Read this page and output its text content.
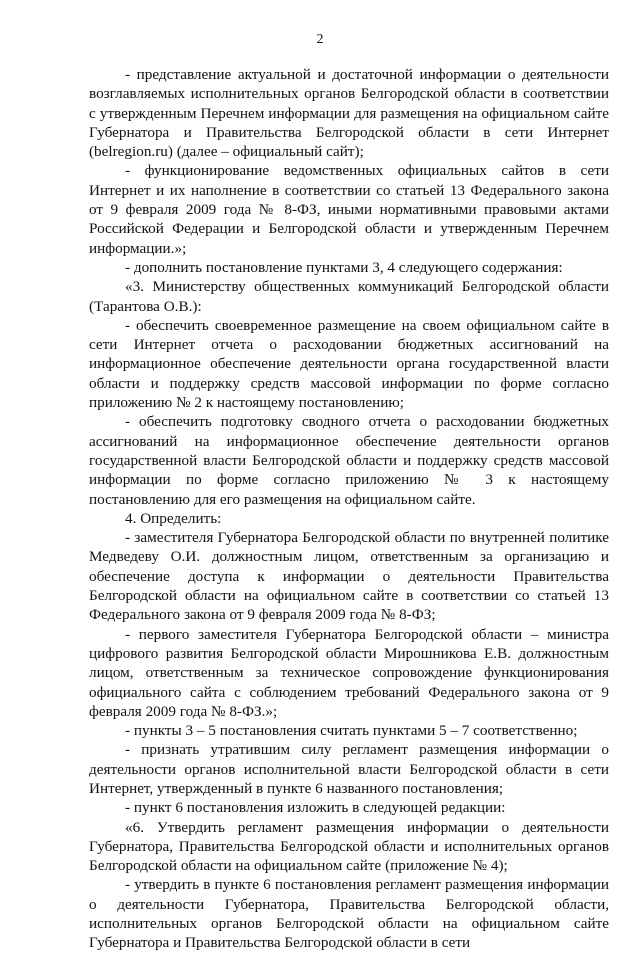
2

- представление актуальной и достаточной информации о деятельности возглавляемых исполнительных органов Белгородской области в соответствии с утвержденным Перечнем информации для размещения на официальном сайте Губернатора и Правительства Белгородской области в сети Интернет (belregion.ru) (далее – официальный сайт);

- функционирование ведомственных официальных сайтов в сети Интернет и их наполнение в соответствии со статьей 13 Федерального закона от 9 февраля 2009 года № 8-ФЗ, иными нормативными правовыми актами Российской Федерации и Белгородской области и утвержденным Перечнем информации.»;

- дополнить постановление пунктами 3, 4 следующего содержания:

«3. Министерству общественных коммуникаций Белгородской области (Тарантова О.В.):

- обеспечить своевременное размещение на своем официальном сайте в сети Интернет отчета о расходовании бюджетных ассигнований на информационное обеспечение деятельности органа государственной власти области и поддержку средств массовой информации по форме согласно приложению № 2 к настоящему постановлению;

- обеспечить подготовку сводного отчета о расходовании бюджетных ассигнований на информационное обеспечение деятельности органов государственной власти Белгородской области и поддержку средств массовой информации по форме согласно приложению № 3 к настоящему постановлению для его размещения на официальном сайте.

4. Определить:

- заместителя Губернатора Белгородской области по внутренней политике Медведеву О.И. должностным лицом, ответственным за организацию и обеспечение доступа к информации о деятельности Правительства Белгородской области на официальном сайте в соответствии со статьей 13 Федерального закона от 9 февраля 2009 года № 8-ФЗ;

- первого заместителя Губернатора Белгородской области – министра цифрового развития Белгородской области Мирошникова Е.В. должностным лицом, ответственным за техническое сопровождение функционирования официального сайта с соблюдением требований Федерального закона от 9 февраля 2009 года № 8-ФЗ.»;

- пункты 3 – 5 постановления считать пунктами 5 – 7 соответственно;

- признать утратившим силу регламент размещения информации о деятельности органов исполнительной власти Белгородской области в сети Интернет, утвержденный в пункте 6 названного постановления;

- пункт 6 постановления изложить в следующей редакции:

«6. Утвердить регламент размещения информации о деятельности Губернатора, Правительства Белгородской области и исполнительных органов Белгородской области на официальном сайте (приложение № 4);

- утвердить в пункте 6 постановления регламент размещения информации о деятельности Губернатора, Правительства Белгородской области, исполнительных органов Белгородской области на официальном сайте Губернатора и Правительства Белгородской области в сети
